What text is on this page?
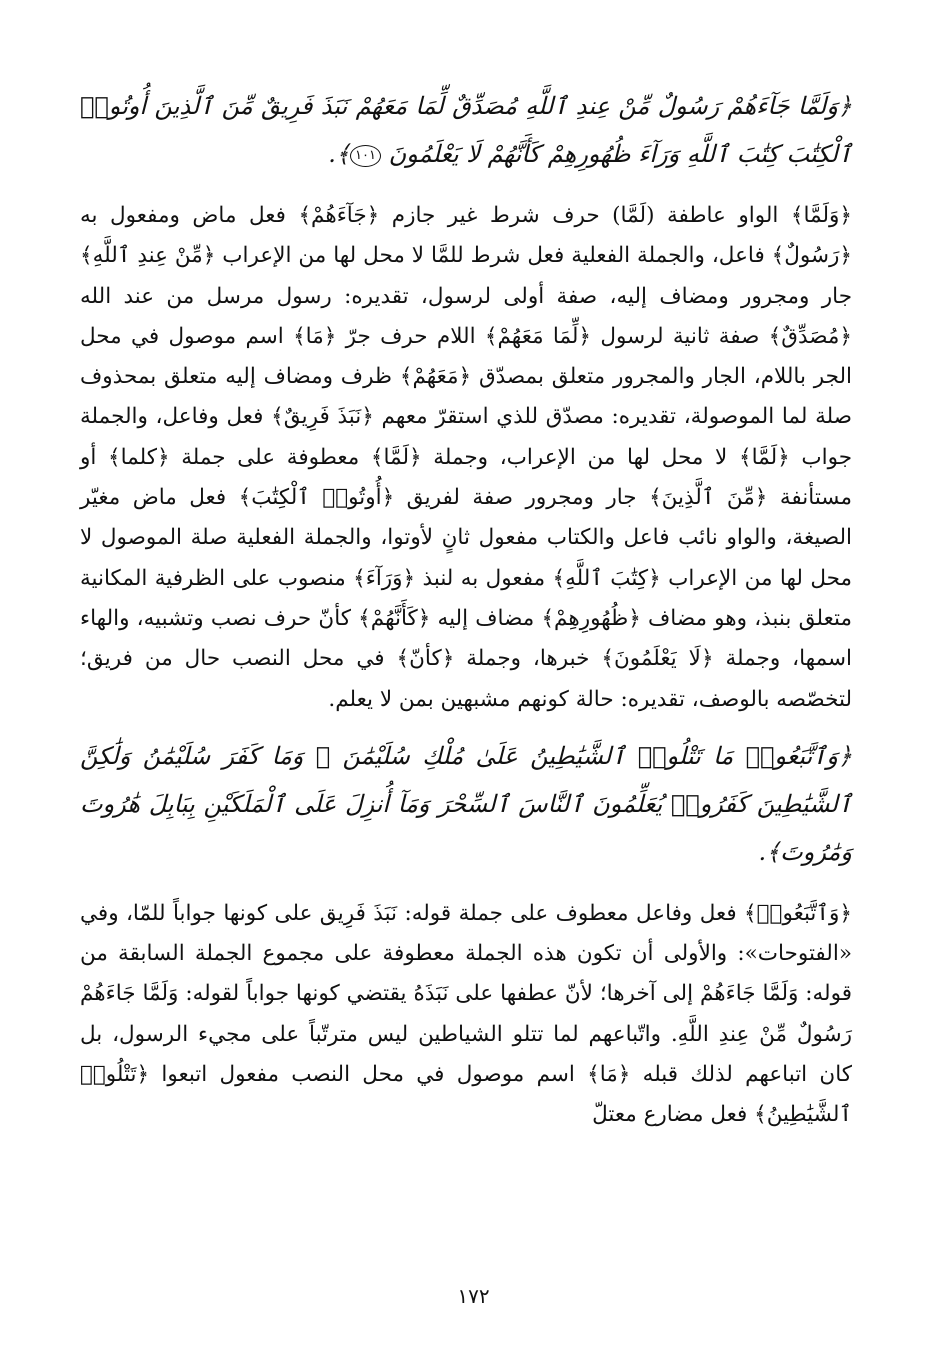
﴿وَلَمَّا جَآءَهُمْ رَسُولٌ مِّنْ عِندِ ٱللَّهِ مُصَدِّقٌ لِّمَا مَعَهُمْ نَبَذَ فَرِيقٌ مِّنَ ٱلَّذِينَ أُوتُوا۟ ٱلْكِتَٰبَ كِتَٰبَ ٱللَّهِ وَرَآءَ ظُهُورِهِمْ كَأَنَّهُمْ لَا يَعْلَمُونَ ١٠١﴾.

﴿وَلَمَّا﴾ الواو عاطفة (لَمَّا) حرف شرط غير جازم ﴿جَآءَهُمْ﴾ فعل ماض ومفعول به ﴿رَسُولٌ﴾ فاعل، والجملة الفعلية فعل شرط للمَّا لا محل لها من الإعراب ﴿مِّنْ عِندِ ٱللَّهِ﴾ جار ومجرور ومضاف إليه، صفة أولى لرسول، تقديره: رسول مرسل من عند الله ﴿مُصَدِّقٌ﴾ صفة ثانية لرسول ﴿لِّمَا مَعَهُمْ﴾ اللام حرف جرّ ﴿مَا﴾ اسم موصول في محل الجر باللام، الجار والمجرور متعلق بمصدّق ﴿مَعَهُمْ﴾ ظرف ومضاف إليه متعلق بمحذوف صلة لما الموصولة، تقديره: مصدّق للذي استقرّ معهم ﴿نَبَذَ فَرِيقٌ﴾ فعل وفاعل، والجملة جواب ﴿لَمَّا﴾ لا محل لها من الإعراب، وجملة ﴿لَمَّا﴾ معطوفة على جملة ﴿كلما﴾ أو مستأنفة ﴿مِّنَ ٱلَّذِينَ﴾ جار ومجرور صفة لفريق ﴿أُوتُوا۟ ٱلْكِتَٰبَ﴾ فعل ماض مغيّر الصيغة، والواو نائب فاعل والكتاب مفعول ثانٍ لأوتوا، والجملة الفعلية صلة الموصول لا محل لها من الإعراب ﴿كِتَٰبَ ٱللَّهِ﴾ مفعول به لنبذ ﴿وَرَآءَ﴾ منصوب على الظرفية المكانية متعلق بنبذ، وهو مضاف ﴿ظُهُورِهِمْ﴾ مضاف إليه ﴿كَأَنَّهُمْ﴾ كأنّ حرف نصب وتشبيه، والهاء اسمها، وجملة ﴿لَا يَعْلَمُونَ﴾ خبرها، وجملة ﴿كأنّ﴾ في محل النصب حال من فريق؛ لتخصّصه بالوصف، تقديره: حالة كونهم مشبهين بمن لا يعلم.

﴿وَٱتَّبَعُوا۟ مَا تَتْلُوا۟ ٱلشَّيَٰطِينُ عَلَىٰ مُلْكِ سُلَيْمَٰنَ ۖ وَمَا كَفَرَ سُلَيْمَٰنُ وَلَٰكِنَّ ٱلشَّيَٰطِينَ كَفَرُوا۟ يُعَلِّمُونَ ٱلنَّاسَ ٱلسِّحْرَ وَمَآ أُنزِلَ عَلَى ٱلْمَلَكَيْنِ بِبَابِلَ هَٰرُوتَ وَمَٰرُوتَ﴾.

﴿وَٱتَّبَعُوا۟﴾ فعل وفاعل معطوف على جملة قوله: نَبَذَ فَرِيق على كونها جواباً للمّا، وفي «الفتوحات»: والأولى أن تكون هذه الجملة معطوفة على مجموع الجملة السابقة من قوله: وَلَمَّا جَاءَهُمْ إلى آخرها؛ لأنّ عطفها على نَبَذَهُ يقتضي كونها جواباً لقوله: وَلَمَّا جَاءَهُمْ رَسُولٌ مِّنْ عِندِ اللَّهِ. واتّباعهم لما تتلو الشياطين ليس مترتّباً على مجيء الرسول، بل كان اتباعهم لذلك قبله ﴿مَا﴾ اسم موصول في محل النصب مفعول اتبعوا ﴿تَتْلُوا۟ ٱلشَّيَٰطِينُ﴾ فعل مضارع معتلّ

١٧٢
